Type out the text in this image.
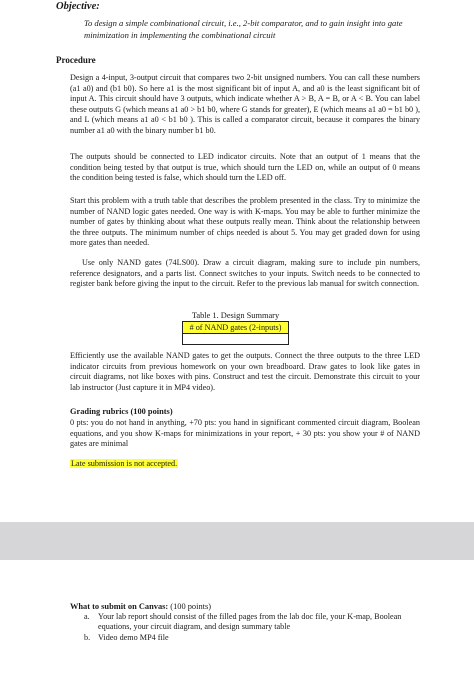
Objective:
To design a simple combinational circuit, i.e., 2-bit comparator, and to gain insight into gate minimization in implementing the combinational circuit
Procedure

Design a 4-input, 3-output circuit that compares two 2-bit unsigned numbers. You can call these numbers (a1 a0) and (b1 b0). So here a1 is the most significant bit of input A, and a0 is the least significant bit of input A. This circuit should have 3 outputs, which indicate whether A > B, A = B, or A < B. You can label these outputs G (which means a1 a0 > b1 b0, where G stands for greater), E (which means a1 a0 = b1 b0 ), and L (which means a1 a0 < b1 b0 ). This is called a comparator circuit, because it compares the binary number a1 a0 with the binary number b1 b0.

The outputs should be connected to LED indicator circuits. Note that an output of 1 means that the condition being tested by that output is true, which should turn the LED on, while an output of 0 means the condition being tested is false, which should turn the LED off.

Start this problem with a truth table that describes the problem presented in the class. Try to minimize the number of NAND logic gates needed. One way is with K-maps. You may be able to further minimize the number of gates by thinking about what these outputs really mean. Think about the relationship between the three outputs. The minimum number of chips needed is about 5. You may get graded down for using more gates than needed.

Use only NAND gates (74LS00). Draw a circuit diagram, making sure to include pin numbers, reference designators, and a parts list. Connect switches to your inputs. Switch needs to be connected to register bank before giving the input to the circuit. Refer to the previous lab manual for switch connection.

Table 1. Design Summary
# of NAND gates (2-inputs)

Efficiently use the available NAND gates to get the outputs. Connect the three outputs to the three LED indicator circuits from previous homework on your own breadboard. Draw gates to look like gates in circuit diagrams, not like boxes with pins. Construct and test the circuit. Demonstrate this circuit to your lab instructor (Just capture it in MP4 video).

Grading rubrics (100 points)

0 pts: you do not hand in anything, +70 pts: you hand in significant commented circuit diagram, Boolean equations, and you show K-maps for minimizations in your report, + 30 pts: you show your # of NAND gates are minimal

Late submission is not accepted.
What to submit on Canvas: (100 points)
a.	Your lab report should consist of the filled pages from the lab doc file, your K-map, Boolean equations, your circuit diagram, and design summary table
b. Video demo MP4 file
